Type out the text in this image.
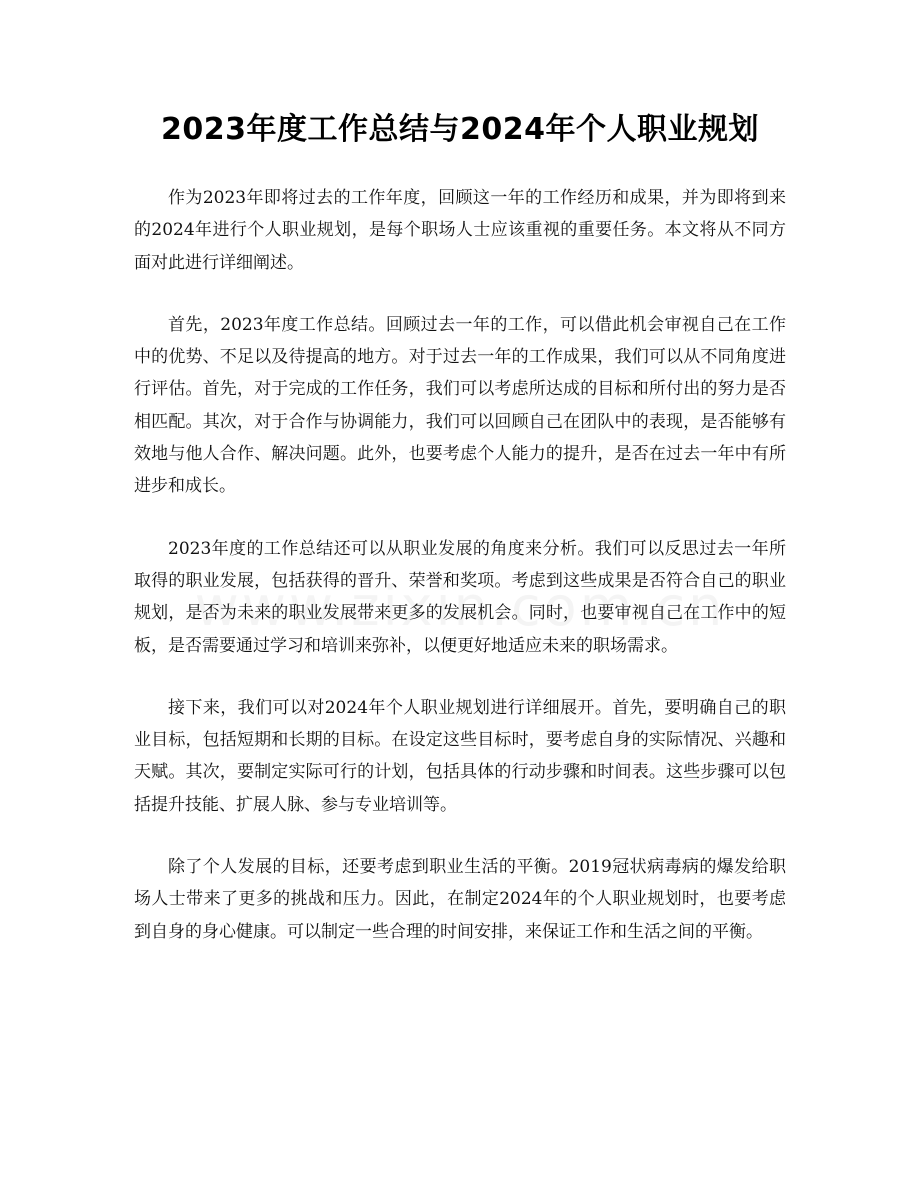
2023年度工作总结与2024年个人职业规划

作为2023年即将过去的工作年度，回顾这一年的工作经历和成果，并为即将到来的2024年进行个人职业规划，是每个职场人士应该重视的重要任务。本文将从不同方面对此进行详细阐述。

首先，2023年度工作总结。回顾过去一年的工作，可以借此机会审视自己在工作中的优势、不足以及待提高的地方。对于过去一年的工作成果，我们可以从不同角度进行评估。首先，对于完成的工作任务，我们可以考虑所达成的目标和所付出的努力是否相匹配。其次，对于合作与协调能力，我们可以回顾自己在团队中的表现，是否能够有效地与他人合作、解决问题。此外，也要考虑个人能力的提升，是否在过去一年中有所进步和成长。

2023年度的工作总结还可以从职业发展的角度来分析。我们可以反思过去一年所取得的职业发展，包括获得的晋升、荣誉和奖项。考虑到这些成果是否符合自己的职业规划，是否为未来的职业发展带来更多的发展机会。同时，也要审视自己在工作中的短板，是否需要通过学习和培训来弥补，以便更好地适应未来的职场需求。

接下来，我们可以对2024年个人职业规划进行详细展开。首先，要明确自己的职业目标，包括短期和长期的目标。在设定这些目标时，要考虑自身的实际情况、兴趣和天赋。其次，要制定实际可行的计划，包括具体的行动步骤和时间表。这些步骤可以包括提升技能、扩展人脉、参与专业培训等。

除了个人发展的目标，还要考虑到职业生活的平衡。2019冠状病毒病的爆发给职场人士带来了更多的挑战和压力。因此，在制定2024年的个人职业规划时，也要考虑到自身的身心健康。可以制定一些合理的时间安排，来保证工作和生活之间的平衡。
